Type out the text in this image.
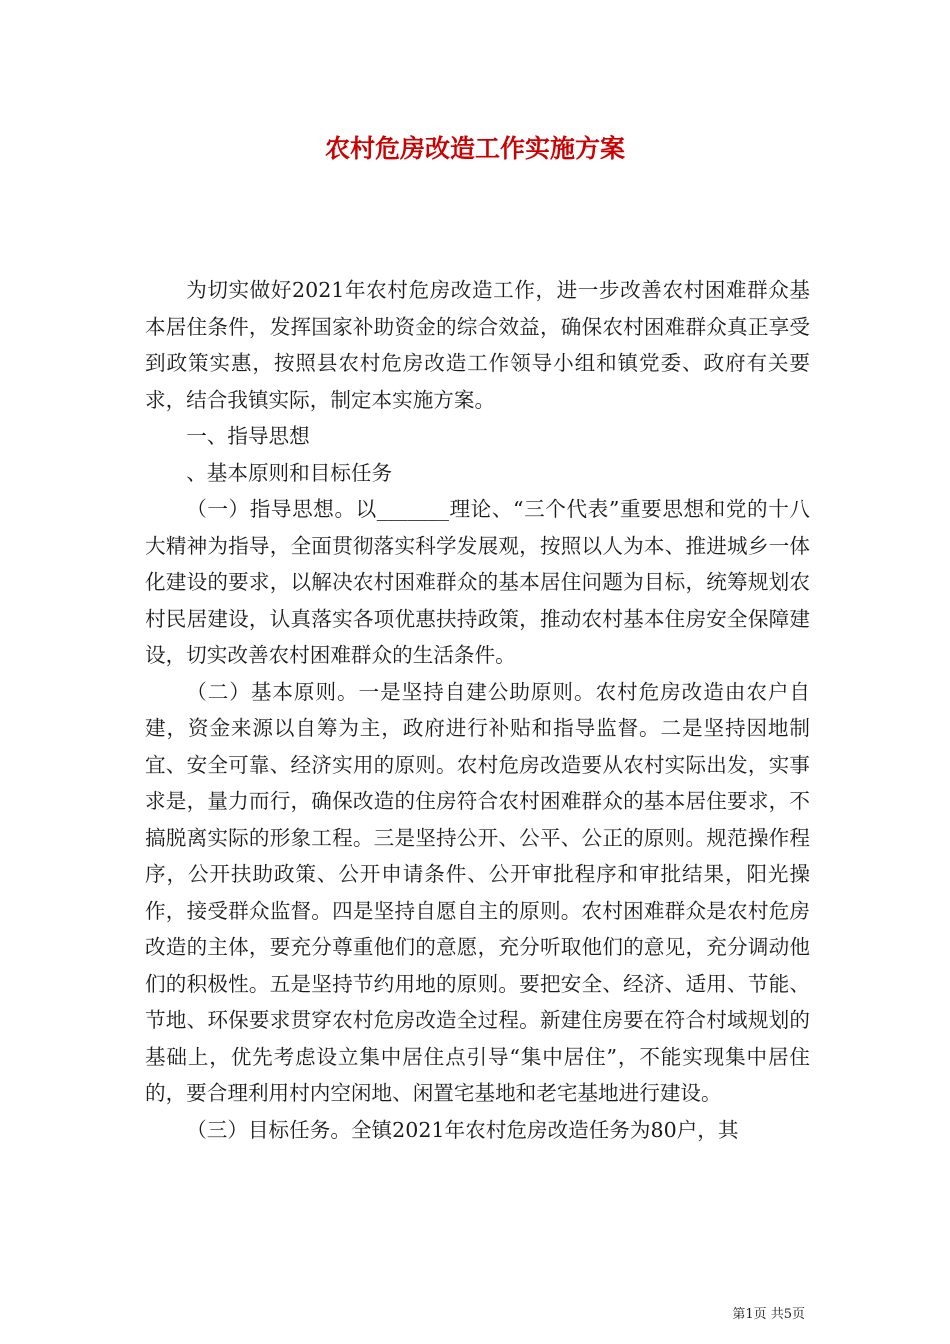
农村危房改造工作实施方案

为切实做好2021年农村危房改造工作，进一步改善农村困难群众基本居住条件，发挥国家补助资金的综合效益，确保农村困难群众真正享受到政策实惠，按照县农村危房改造工作领导小组和镇党委、政府有关要求，结合我镇实际，制定本实施方案。

一、指导思想

、基本原则和目标任务

（一）指导思想。以_______理论、“三个代表”重要思想和党的十八大精神为指导，全面贯彻落实科学发展观，按照以人为本、推进城乡一体化建设的要求，以解决农村困难群众的基本居住问题为目标，统筹规划农村民居建设，认真落实各项优惠扶持政策，推动农村基本住房安全保障建设，切实改善农村困难群众的生活条件。

（二）基本原则。一是坚持自建公助原则。农村危房改造由农户自建，资金来源以自筹为主，政府进行补贴和指导监督。二是坚持因地制宜、安全可靠、经济实用的原则。农村危房改造要从农村实际出发，实事求是，量力而行，确保改造的住房符合农村困难群众的基本居住要求，不搞脱离实际的形象工程。三是坚持公开、公平、公正的原则。规范操作程序，公开扶助政策、公开申请条件、公开审批程序和审批结果，阳光操作，接受群众监督。四是坚持自愿自主的原则。农村困难群众是农村危房改造的主体，要充分尊重他们的意愿，充分听取他们的意见，充分调动他们的积极性。五是坚持节约用地的原则。要把安全、经济、适用、节能、节地、环保要求贯穿农村危房改造全过程。新建住房要在符合村域规划的基础上，优先考虑设立集中居住点引导“集中居住”，不能实现集中居住的，要合理利用村内空闲地、闲置宅基地和老宅基地进行建设。

（三）目标任务。全镇2021年农村危房改造任务为80户，其

第1页 共5页
